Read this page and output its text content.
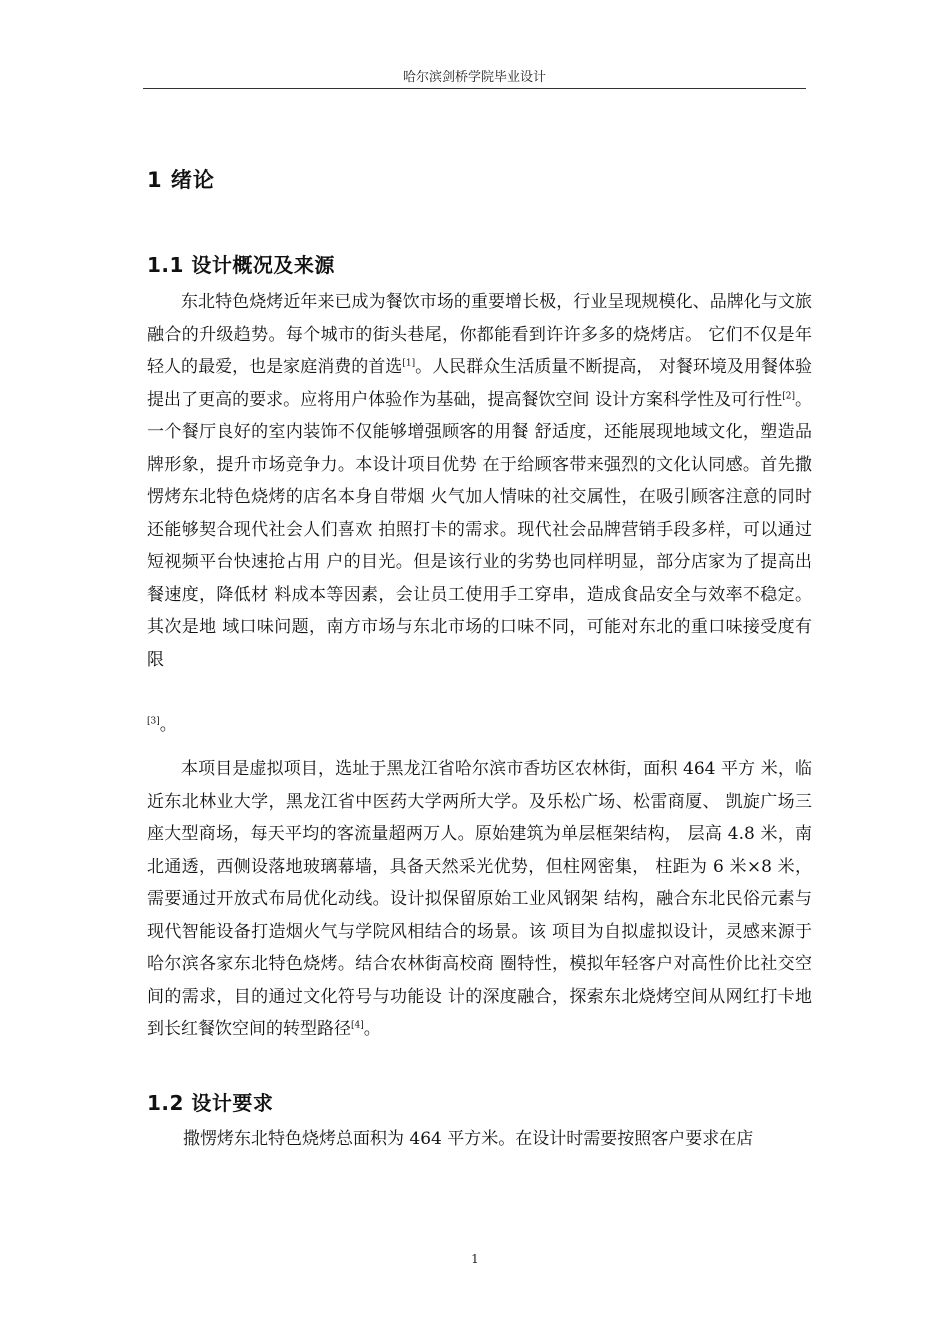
哈尔滨剑桥学院毕业设计
1 绪论
1.1 设计概况及来源

东北特色烧烤近年来已成为餐饮市场的重要增长极，行业呈现规模化、品牌化与文旅融合的升级趋势。每个城市的街头巷尾，你都能看到许许多多的烧烤店。 它们不仅是年轻人的最爱，也是家庭消费的首选[1]。人民群众生活质量不断提高， 对餐环境及用餐体验提出了更高的要求。应将用户体验作为基础，提高餐饮空间 设计方案科学性及可行性[2]。一个餐厅良好的室内装饰不仅能够增强顾客的用餐 舒适度，还能展现地域文化，塑造品牌形象，提升市场竞争力。本设计项目优势 在于给顾客带来强烈的文化认同感。首先撒愣烤东北特色烧烤的店名本身自带烟 火气加人情味的社交属性，在吸引顾客注意的同时还能够契合现代社会人们喜欢 拍照打卡的需求。现代社会品牌营销手段多样，可以通过短视频平台快速抢占用 户的目光。但是该行业的劣势也同样明显，部分店家为了提高出餐速度，降低材 料成本等因素，会让员工使用手工穿串，造成食品安全与效率不稳定。其次是地 域口味问题，南方市场与东北市场的口味不同，可能对东北的重口味接受度有限

[3]。

本项目是虚拟项目，选址于黑龙江省哈尔滨市香坊区农林街，面积 464 平方 米，临近东北林业大学，黑龙江省中医药大学两所大学。及乐松广场、松雷商厦、 凯旋广场三座大型商场，每天平均的客流量超两万人。原始建筑为单层框架结构， 层高 4.8 米，南北通透，西侧设落地玻璃幕墙，具备天然采光优势，但柱网密集， 柱距为 6 米×8 米，需要通过开放式布局优化动线。设计拟保留原始工业风钢架 结构，融合东北民俗元素与现代智能设备打造烟火气与学院风相结合的场景。该 项目为自拟虚拟设计，灵感来源于哈尔滨各家东北特色烧烤。结合农林街高校商 圈特性，模拟年轻客户对高性价比社交空间的需求，目的通过文化符号与功能设 计的深度融合，探索东北烧烤空间从网红打卡地到长红餐饮空间的转型路径[4]。

1.2 设计要求

撒愣烤东北特色烧烤总面积为 464 平方米。在设计时需要按照客户要求在店

1
